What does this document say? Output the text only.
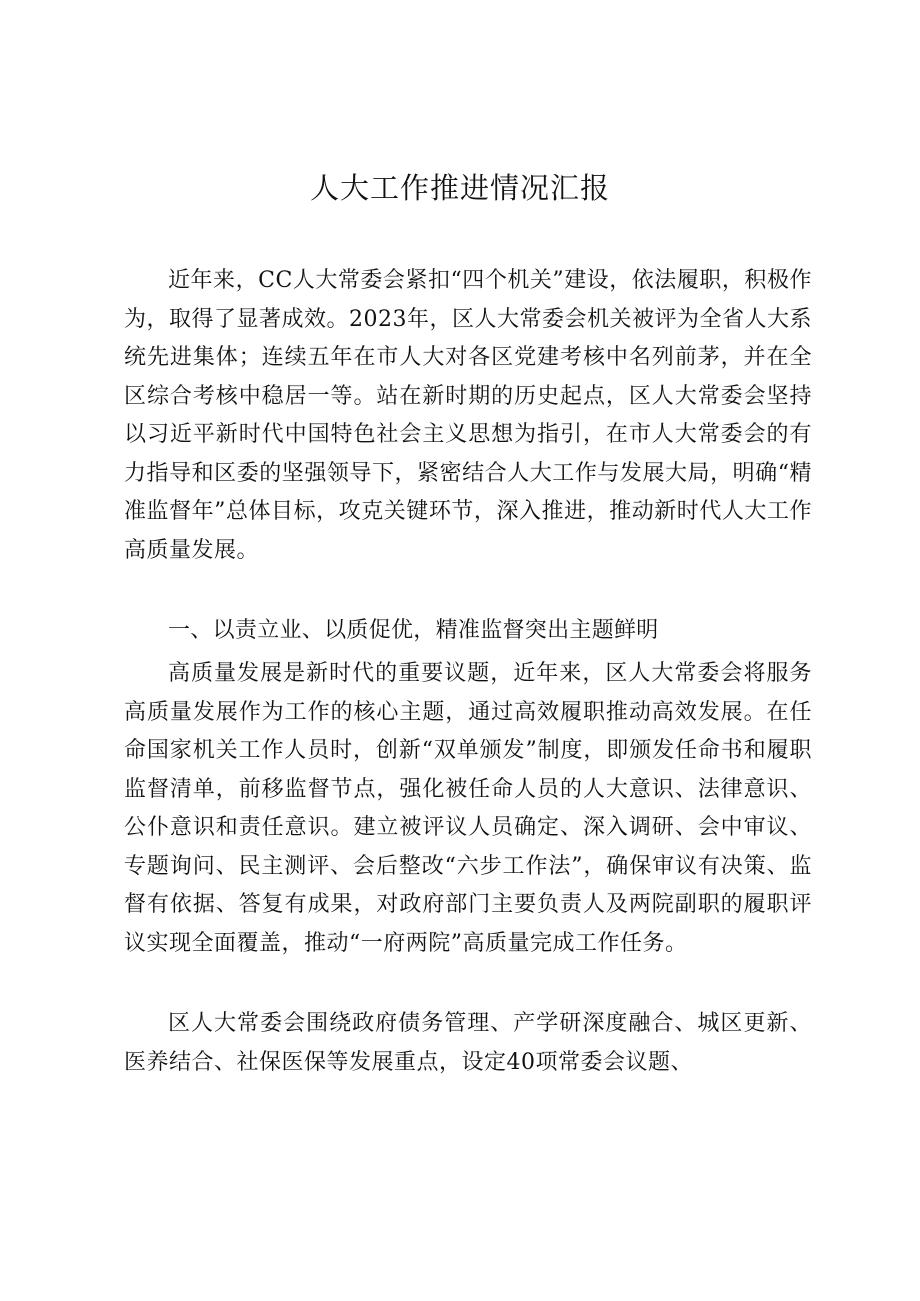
人大工作推进情况汇报

近年来，CC人大常委会紧扣“四个机关”建设，依法履职，积极作为，取得了显著成效。2023年，区人大常委会机关被评为全省人大系统先进集体；连续五年在市人大对各区党建考核中名列前茅，并在全区综合考核中稳居一等。站在新时期的历史起点，区人大常委会坚持以习近平新时代中国特色社会主义思想为指引，在市人大常委会的有力指导和区委的坚强领导下，紧密结合人大工作与发展大局，明确“精准监督年”总体目标，攻克关键环节，深入推进，推动新时代人大工作高质量发展。

一、以责立业、以质促优，精准监督突出主题鲜明

高质量发展是新时代的重要议题，近年来，区人大常委会将服务高质量发展作为工作的核心主题，通过高效履职推动高效发展。在任命国家机关工作人员时，创新“双单颁发”制度，即颁发任命书和履职监督清单，前移监督节点，强化被任命人员的人大意识、法律意识、公仆意识和责任意识。建立被评议人员确定、深入调研、会中审议、专题询问、民主测评、会后整改“六步工作法”，确保审议有决策、监督有依据、答复有成果，对政府部门主要负责人及两院副职的履职评议实现全面覆盖，推动“一府两院”高质量完成工作任务。

区人大常委会围绕政府债务管理、产学研深度融合、城区更新、医养结合、社保医保等发展重点，设定40项常委会议题、
